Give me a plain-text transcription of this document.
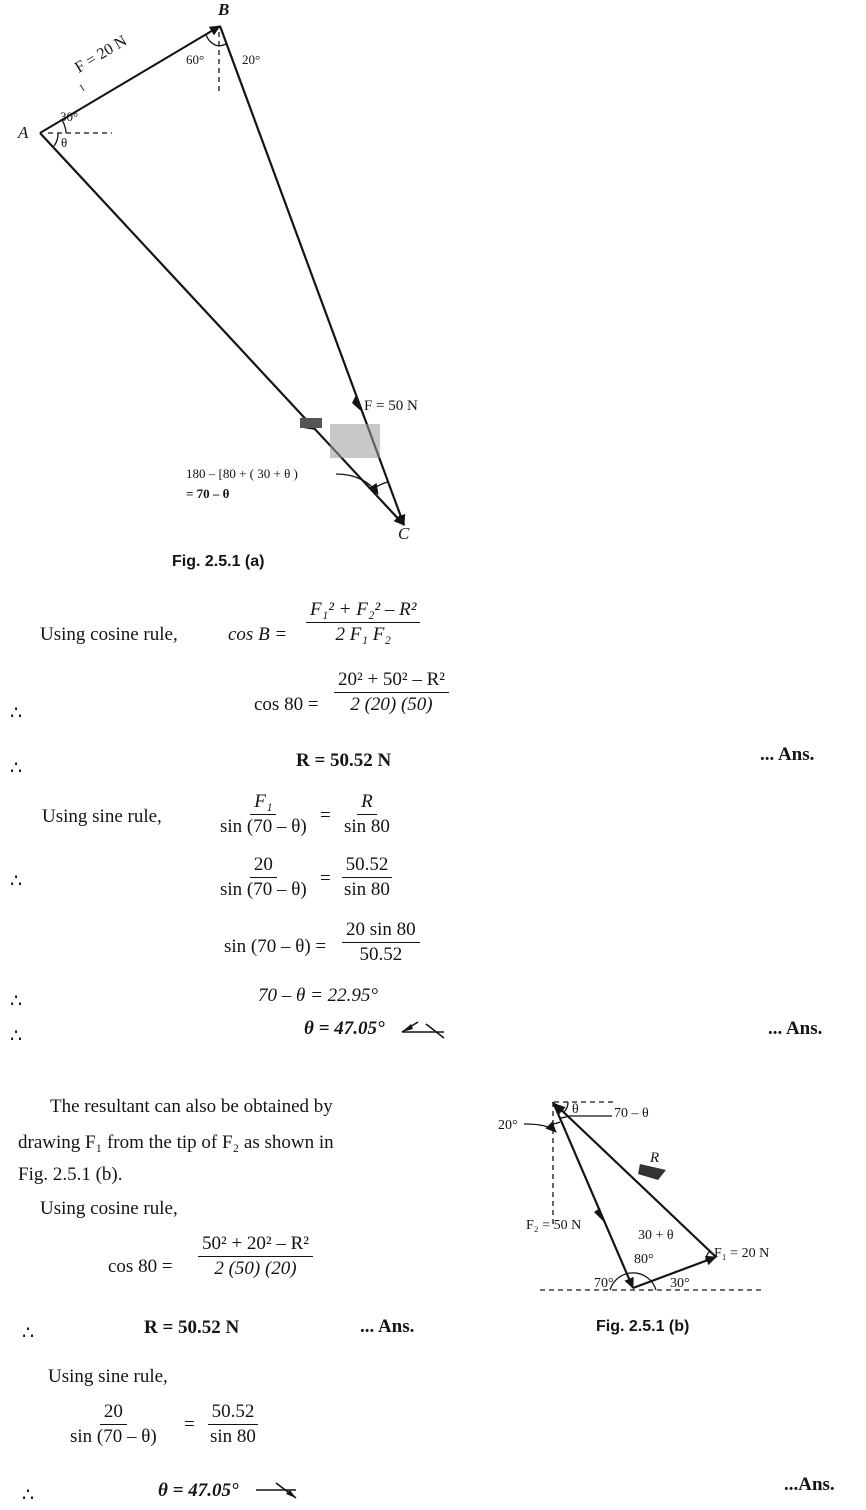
B
A
C
F = 20 N
1
30°
θ
60°	20°
F = 50 N
180 – [80 + ( 30 + θ )
= 70 – θ
Fig. 2.5.1 (a)
Using cosine rule,	$\cos B = \frac{\text{F₁² + F₂² – R²}}{\text{2 F₁ F₂}}$
∴	$\cos 80 = \frac{\text{20² + 50² – R²}}{2 (20) (50)}$
∴	R = 50.52 N	... Ans.
Using sine rule,	$\frac{\text{F₁}}{\sin (70 - \theta)} = \frac{R}{\sin 80}$
∴	$\frac{20}{\sin (70 - \theta)} = \frac{50.52}{\sin 80}$
$\sin (70 - \theta) = \frac{20 \sin 80}{50.52}$
∴	70 – θ = 22.95°
∴	θ = 47.05°	... Ans.
The resultant can also be obtained by
drawing F₁ from the tip of F₂ as shown in
Fig. 2.5.1 (b).
Using cosine rule,
$\cos 80 = \frac{\text{50² + 20² – R²}}{2 (50) (20)}$
∴	R = 50.52 N	... Ans.
Using sine rule,
$\frac{20}{\sin (70 - \theta)} = \frac{50.52}{\sin 80}$
∴	θ = 47.05°	...Ans.
θ	70 – θ
20°
R
F₂ = 50 N
30 + θ
80°	F₁ = 20 N
70°	30°
Fig. 2.5.1 (b)
